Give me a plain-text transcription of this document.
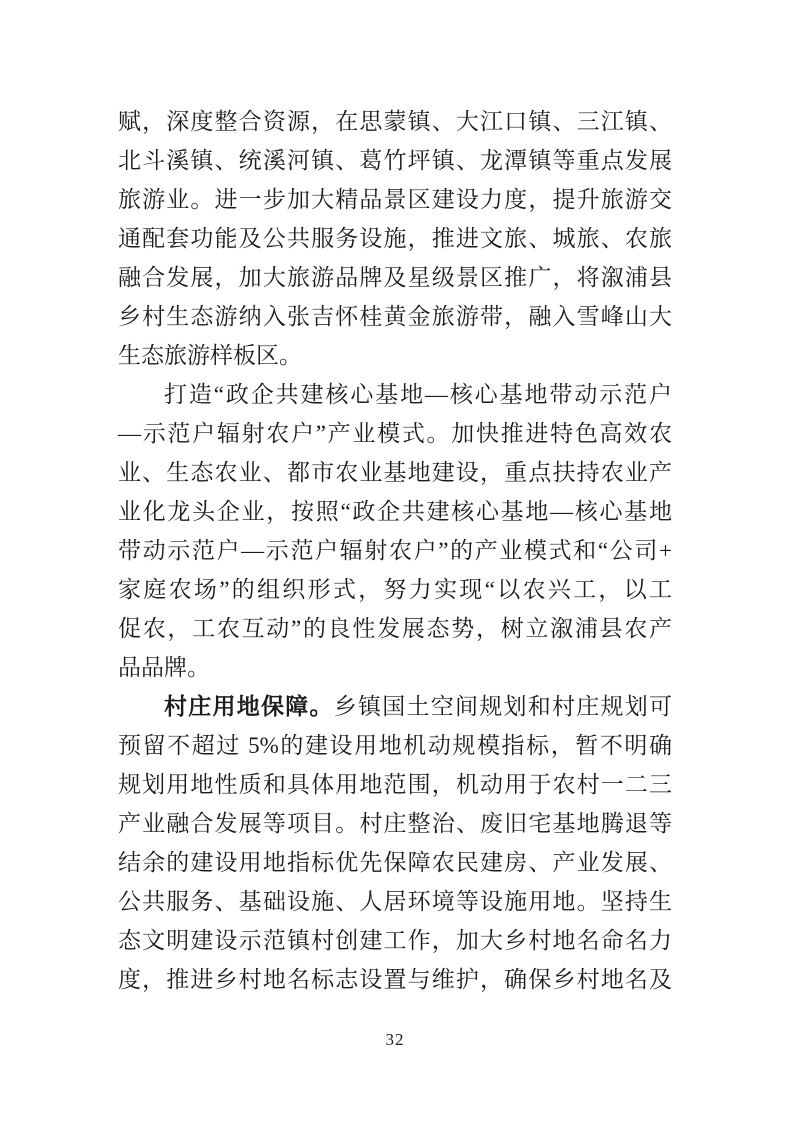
赋，深度整合资源，在思蒙镇、大江口镇、三江镇、
北斗溪镇、统溪河镇、葛竹坪镇、龙潭镇等重点发展
旅游业。进一步加大精品景区建设力度，提升旅游交
通配套功能及公共服务设施，推进文旅、城旅、农旅
融合发展，加大旅游品牌及星级景区推广，将溆浦县
乡村生态游纳入张吉怀桂黄金旅游带，融入雪峰山大
生态旅游样板区。
打造“政企共建核心基地—核心基地带动示范户
—示范户辐射农户”产业模式。加快推进特色高效农
业、生态农业、都市农业基地建设，重点扶持农业产
业化龙头企业，按照“政企共建核心基地—核心基地
带动示范户—示范户辐射农户”的产业模式和“公司+
家庭农场”的组织形式，努力实现“以农兴工，以工
促农，工农互动”的良性发展态势，树立溆浦县农产
品品牌。
村庄用地保障。乡镇国土空间规划和村庄规划可
预留不超过 5%的建设用地机动规模指标，暂不明确
规划用地性质和具体用地范围，机动用于农村一二三
产业融合发展等项目。村庄整治、废旧宅基地腾退等
结余的建设用地指标优先保障农民建房、产业发展、
公共服务、基础设施、人居环境等设施用地。坚持生
态文明建设示范镇村创建工作，加大乡村地名命名力
度，推进乡村地名标志设置与维护，确保乡村地名及
32
